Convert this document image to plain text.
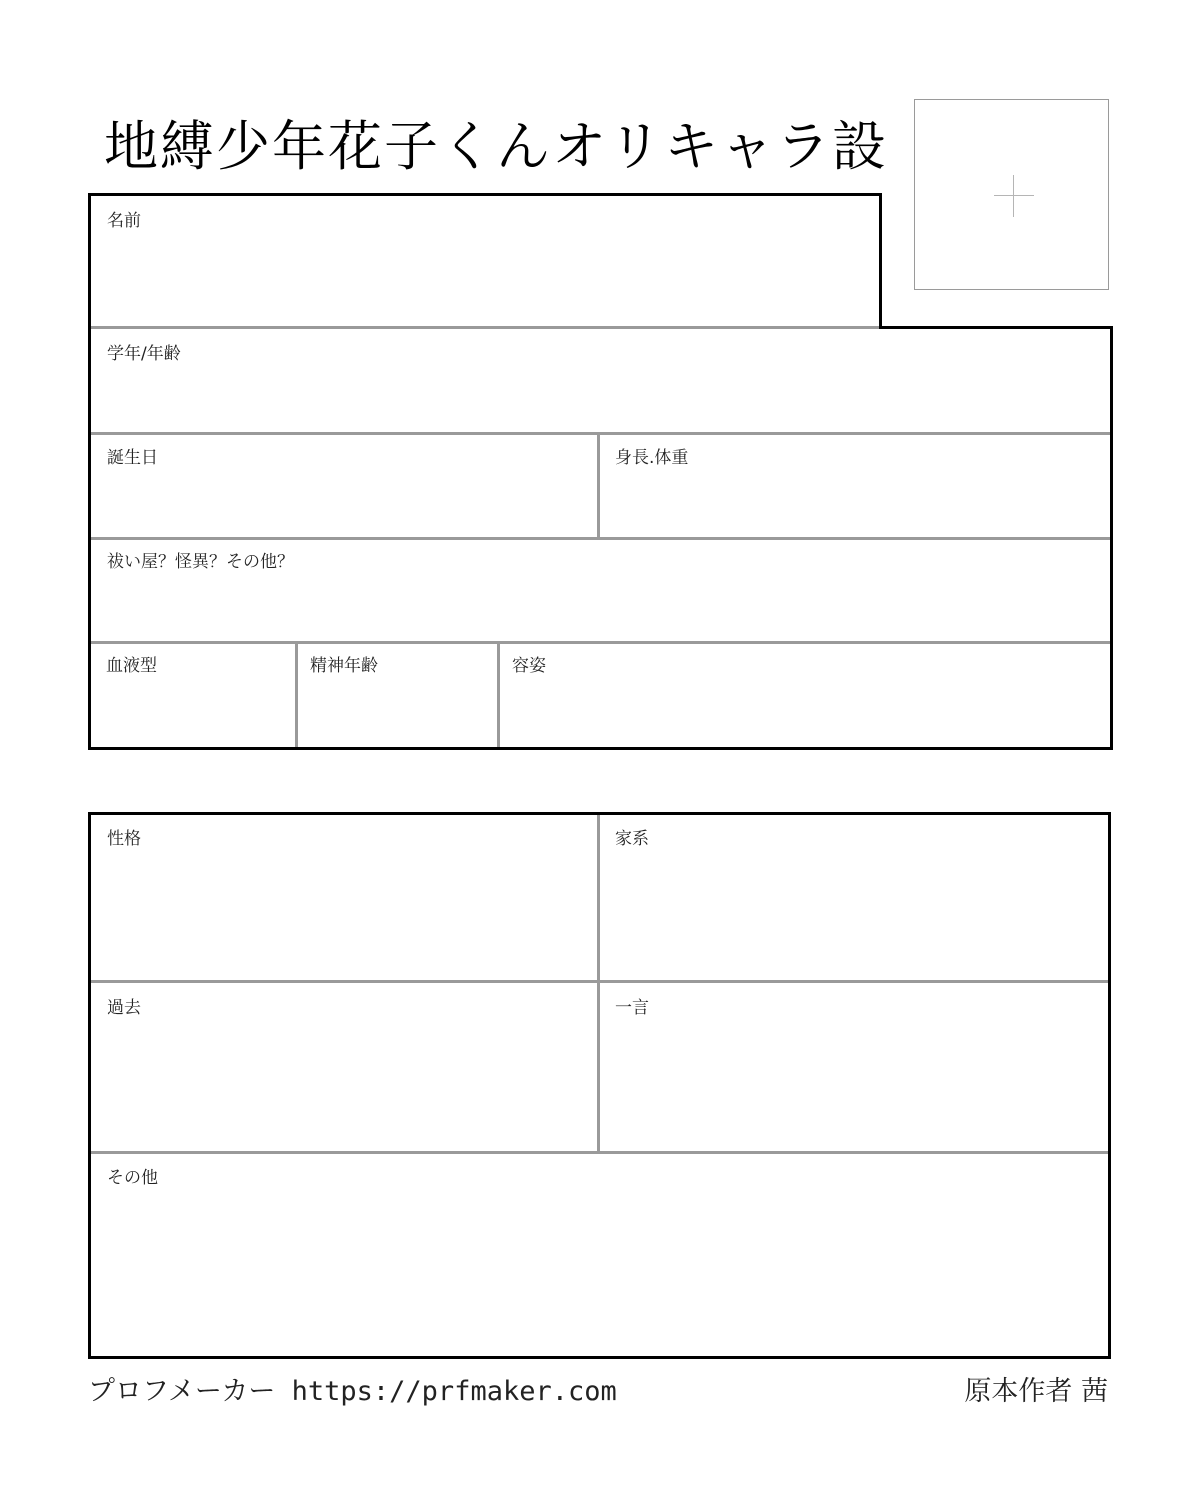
地縛少年花子くんオリキャラ設
名前
学年/年齢
誕生日	身長.体重
祓い屋？怪異？その他？
血液型	精神年齢	容姿
性格	家系
過去	一言
その他
プロフメーカー https://prfmaker.com	原本作者 茜
